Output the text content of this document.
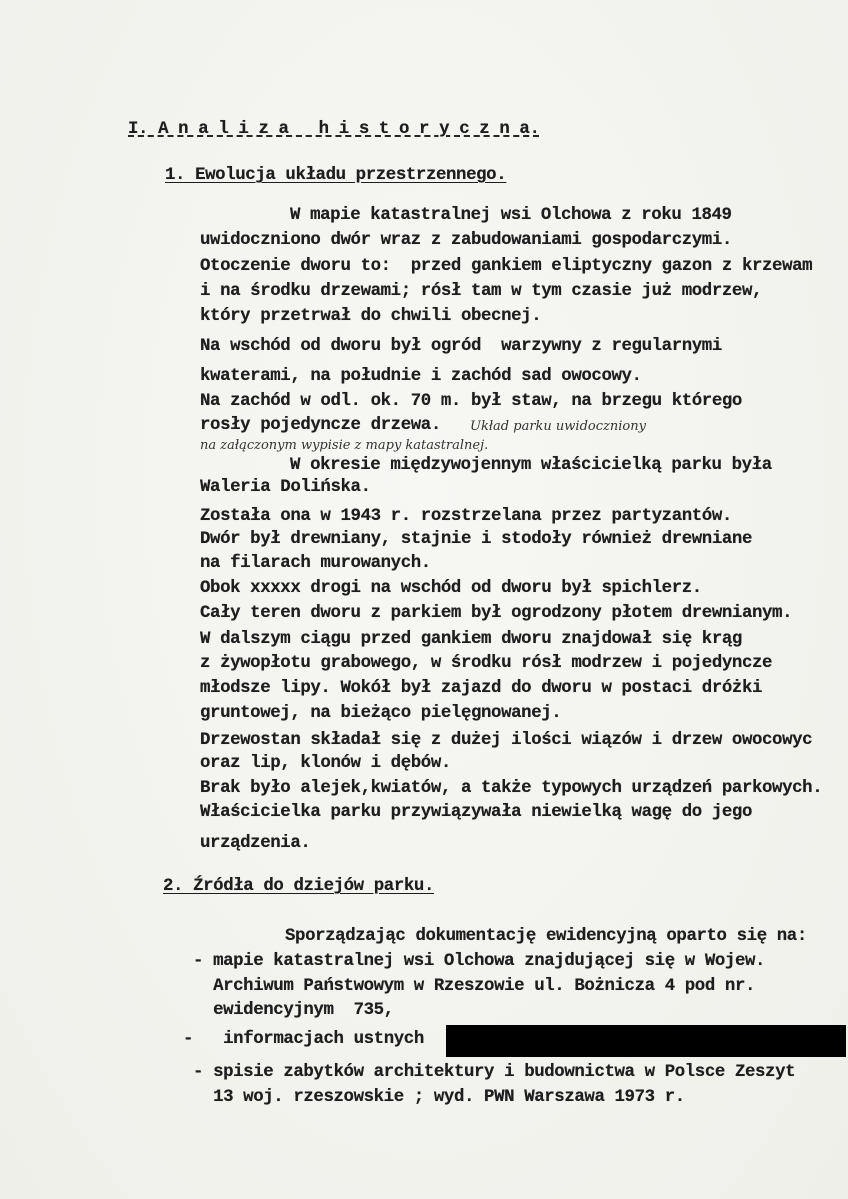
I. A n a l i z a   h i s t o r y c z n a.
1. Ewolucja układu przestrzennego.
W mapie katastralnej wsi Olchowa z roku 1849
uwidoczniono dwór wraz z zabudowaniami gospodarczymi.
Otoczenie dworu to:  przed gankiem eliptyczny gazon z krzewam
i na środku drzewami; rósł tam w tym czasie już modrzew,
który przetrwał do chwili obecnej.
Na wschód od dworu był ogród  warzywny z regularnymi
kwaterami, na południe i zachód sad owocowy.
Na zachód w odl. ok. 70 m. był staw, na brzegu którego
rosły pojedyncze drzewa.
W okresie międzywojennym właścicielką parku była
Waleria Dolińska.
Została ona w 1943 r. rozstrzelana przez partyzantów.
Dwór był drewniany, stajnie i stodoły również drewniane
na filarach murowanych.
Obok xxxxx drogi na wschód od dworu był spichlerz.
Cały teren dworu z parkiem był ogrodzony płotem drewnianym.
W dalszym ciągu przed gankiem dworu znajdował się krąg
z żywopłotu grabowego, w środku rósł modrzew i pojedyncze
młodsze lipy. Wokół był zajazd do dworu w postaci dróżki
gruntowej, na bieżąco pielęgnowanej.
Drzewostan składał się z dużej ilości wiązów i drzew owocowyc
oraz lip, klonów i dębów.
Brak było alejek,kwiatów, a także typowych urządzeń parkowych.
Właścicielka parku przywiązywała niewielką wagę do jego
urządzenia.
Układ parku uwidoczniony
na załączonym wypisie z mapy katastralnej.
2. Źródła do dziejów parku.
Sporządzając dokumentację ewidencyjną oparto się na:
- mapie katastralnej wsi Olchowa znajdującej się w Wojew.
Archiwum Państwowym w Rzeszowie ul. Bożnicza 4 pod nr.
ewidencyjnym  735,
-   informacjach ustnych
- spisie zabytków architektury i budownictwa w Polsce Zeszyt
13 woj. rzeszowskie ; wyd. PWN Warszawa 1973 r.
